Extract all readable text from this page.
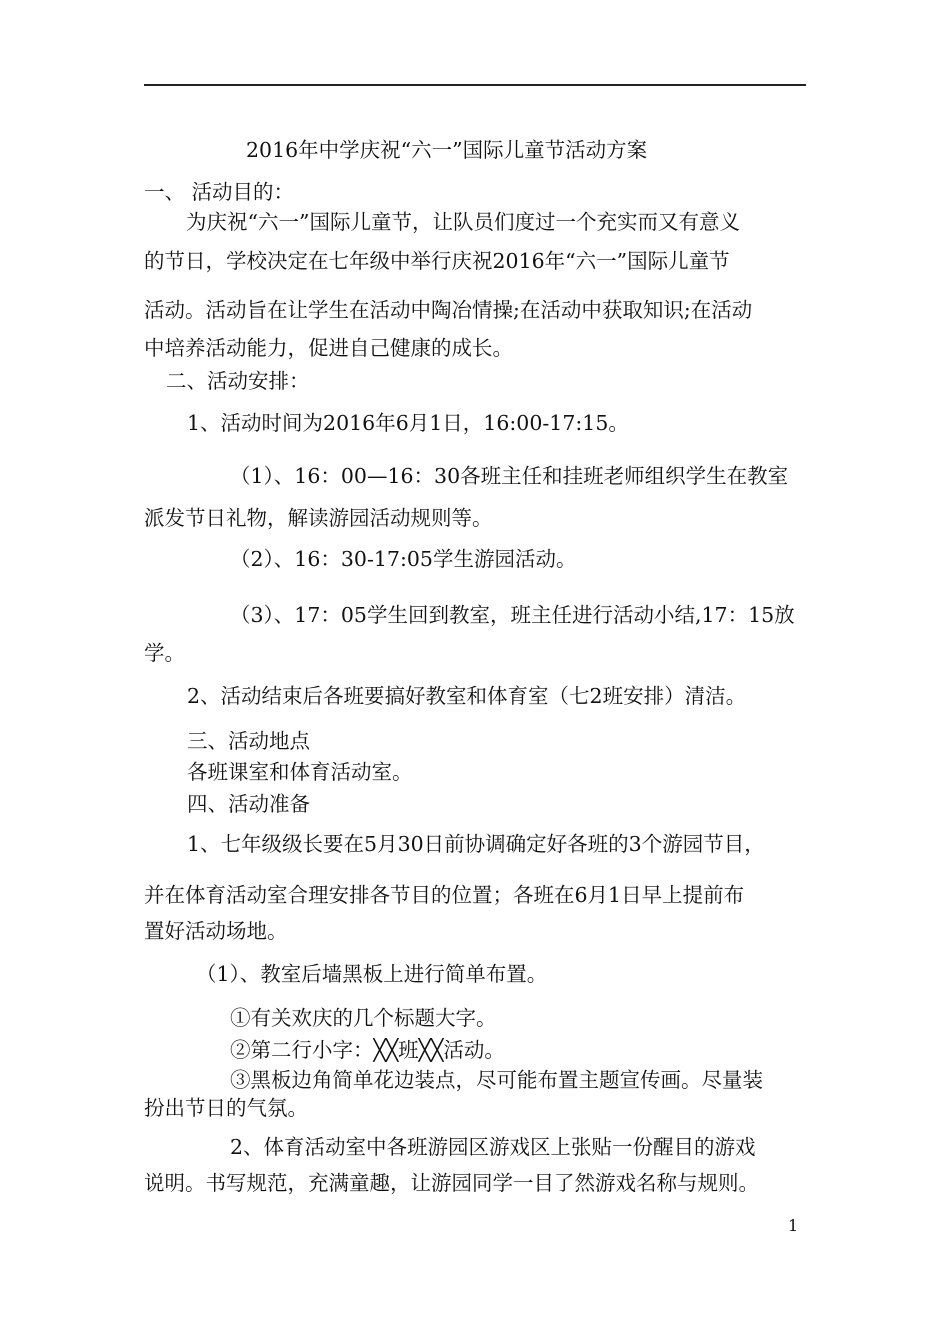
2016年中学庆祝“六一”国际儿童节活动方案
一、 活动目的：
为庆祝“六一”国际儿童节，让队员们度过一个充实而又有意义
的节日，学校决定在七年级中举行庆祝2016年“六一”国际儿童节
活动。活动旨在让学生在活动中陶冶情操;在活动中获取知识;在活动
中培养活动能力，促进自己健康的成长。
二、活动安排：
1、活动时间为2016年6月1日，16:00-17:15。
（1）、16：00—16：30各班主任和挂班老师组织学生在教室
派发节日礼物，解读游园活动规则等。
（2）、16：30-17:05学生游园活动。
（3）、17：05学生回到教室，班主任进行活动小结,17：15放
学。
2、活动结束后各班要搞好教室和体育室（七2班安排）清洁。
三、活动地点
各班课室和体育活动室。
四、活动准备
1、七年级级长要在5月30日前协调确定好各班的3个游园节目，
并在体育活动室合理安排各节目的位置；各班在6月1日早上提前布
置好活动场地。
（1）、教室后墙黑板上进行简单布置。
①有关欢庆的几个标题大字。
②第二行小字：╳╳班╳╳活动。
③黑板边角简单花边装点，尽可能布置主题宣传画。尽量装
扮出节日的气氛。
2、体育活动室中各班游园区游戏区上张贴一份醒目的游戏
说明。书写规范，充满童趣，让游园同学一目了然游戏名称与规则。
1
